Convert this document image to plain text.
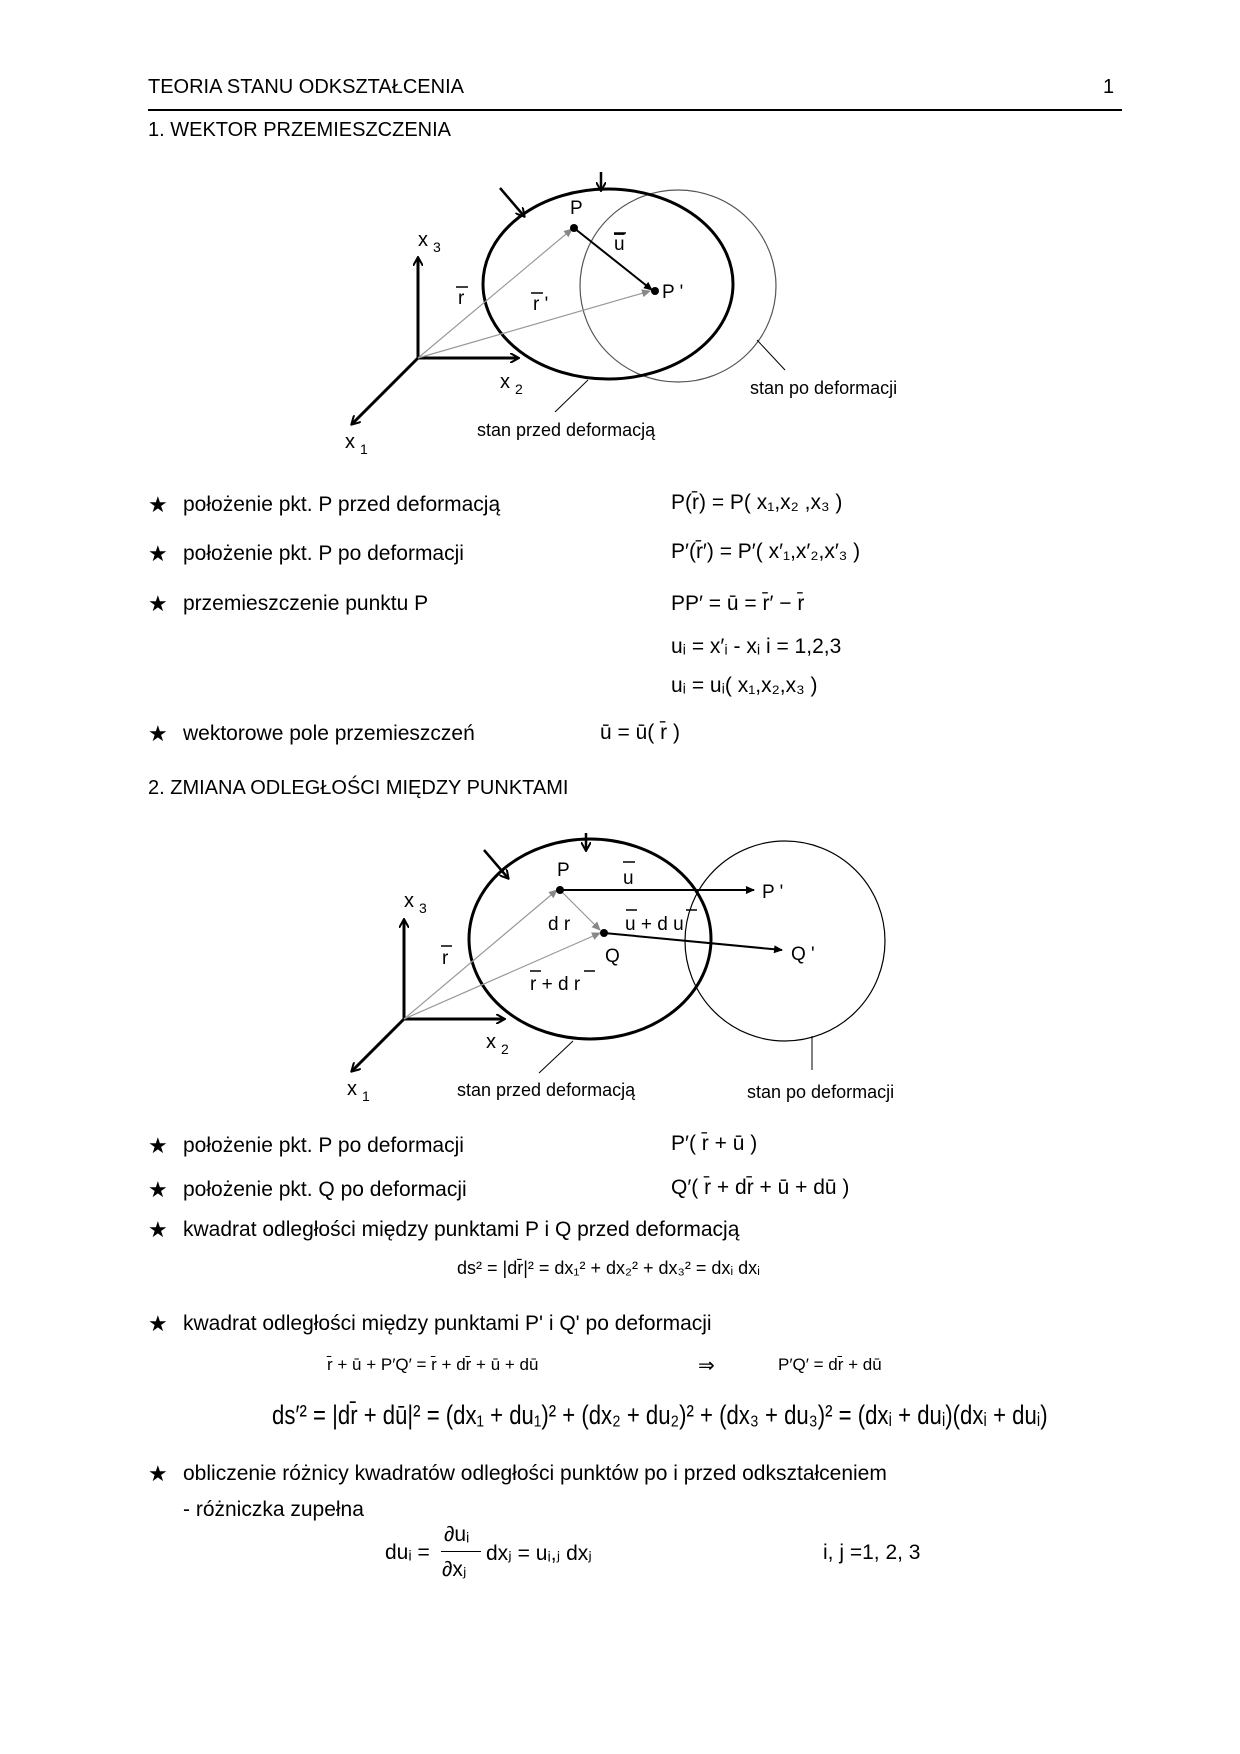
TEORIA STANU ODKSZTAŁCENIA	1
1. WEKTOR PRZEMIESZCZENIA
x 3
x 2
x 1
P
P '
u
r	r '
stan przed deformacją
stan po deformacji
★ położenie pkt. P przed deformacją	P(r̄) = P( x₁,x₂ ,x₃ )
★ położenie pkt. P po deformacji	P′(r̄′) = P′( x′₁,x′₂,x′₃ )
★ przemieszczenie punktu P	PP′ = ū = r̄′ − r̄
uᵢ = x′ᵢ - xᵢ i = 1,2,3
uᵢ = uᵢ( x₁,x₂,x₃ )
★ wektorowe pole przemieszczeń	ū = ū( r̄ )
2. ZMIANA ODLEGŁOŚCI MIĘDZY PUNKTAMI
x 3
x 2
x 1
P
Q
P '
Q '
u
u + d u
d r
r
r + d r
stan przed deformacją	stan po deformacji
★ położenie pkt. P po deformacji	P′( r̄ + ū )
★ położenie pkt. Q po deformacji	Q′( r̄ + dr̄ + ū + dū )
★ kwadrat odległości między punktami P i Q przed deformacją
ds² = |dr̄|² = dx₁² + dx₂² + dx₃² = dxᵢ dxᵢ
★ kwadrat odległości między punktami P' i Q' po deformacji
r̄ + ū + P′Q′ = r̄ + dr̄ + ū + dū	⇒	P′Q′ = dr̄ + dū
ds′² = |dr̄ + dū|² = (dx₁ + du₁)² + (dx₂ + du₂)² + (dx₃ + du₃)² = (dxᵢ + duᵢ)(dxᵢ + duᵢ)
★ obliczenie różnicy kwadratów odległości punktów po i przed odkształceniem
- różniczka zupełna
duᵢ =
∂uᵢ
∂xⱼ
dxⱼ = uᵢ,ⱼ dxⱼ	i, j =1, 2, 3
